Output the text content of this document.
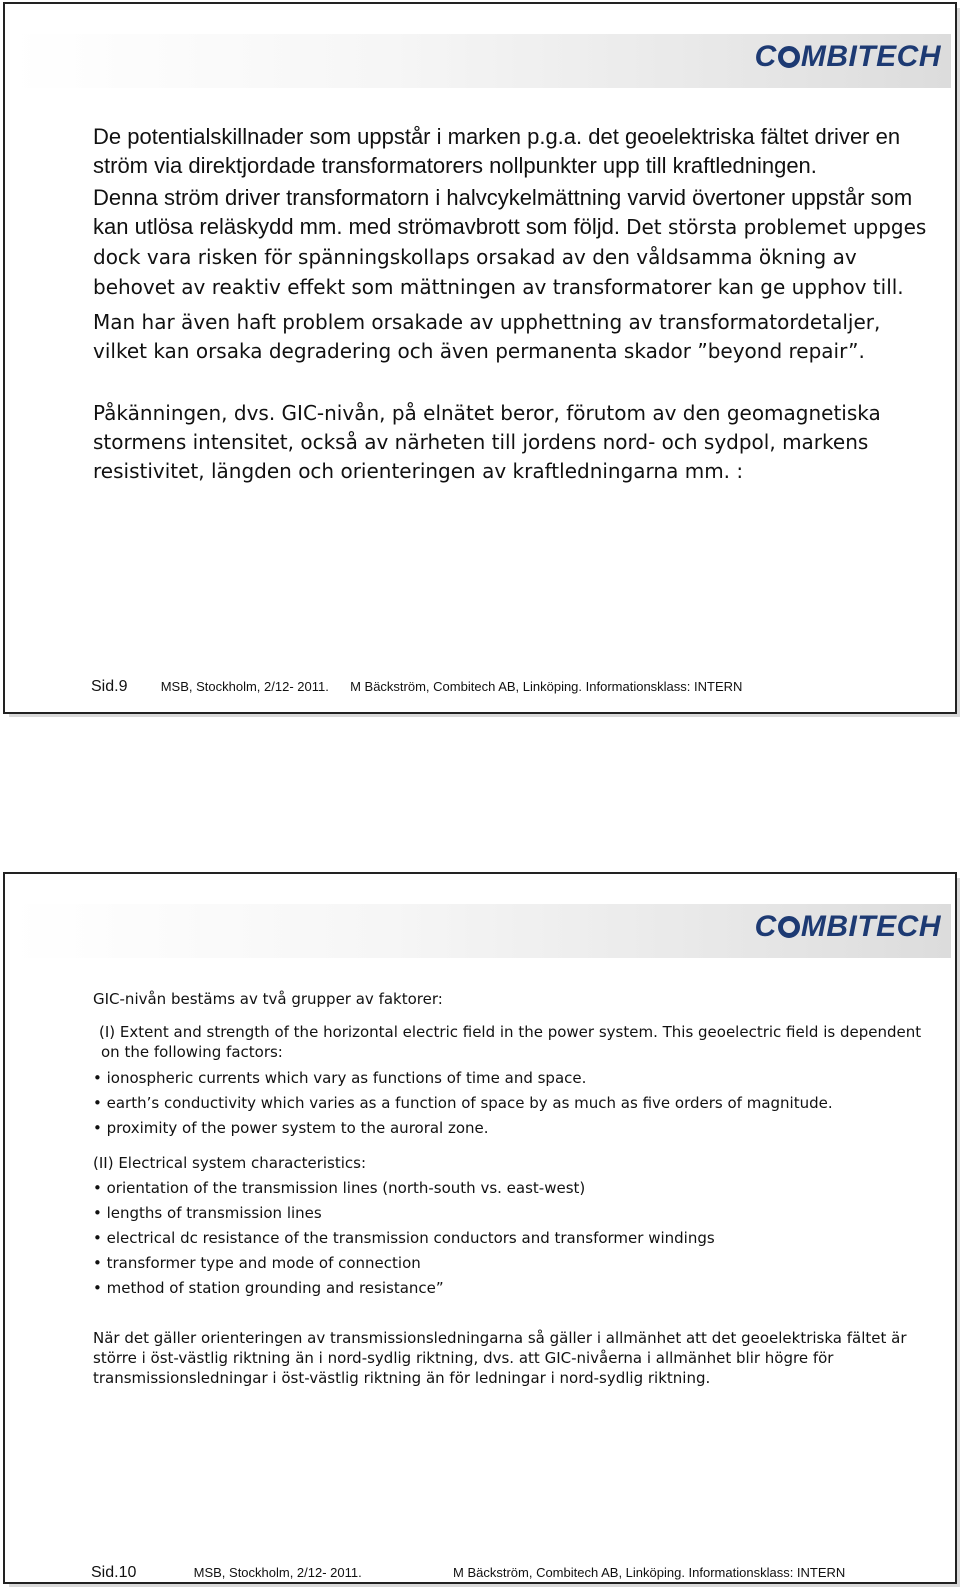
C MBITECH

De potentialskillnader som uppstår i marken p.g.a. det geoelektriska fältet driver en ström via direktjordade transformatorers nollpunkter upp till kraftledningen.

Denna ström driver transformatorn i halvcykelmättning varvid övertoner uppstår som kan utlösa reläskydd mm. med strömavbrott som följd. Det största problemet uppges dock vara risken för spänningskollaps orsakad av den våldsamma ökning av behovet av reaktiv effekt som mättningen av transformatorer kan ge upphov till.

Man har även haft problem orsakade av upphettning av transformatordetaljer, vilket kan orsaka degradering och även permanenta skador ”beyond repair”.

Påkänningen, dvs. GIC-nivån, på elnätet beror, förutom av den geomagnetiska stormens intensitet, också av närheten till jordens nord- och sydpol, markens resistivitet, längden och orienteringen av kraftledningarna mm. :

Sid.9	MSB, Stockholm, 2/12- 2011. M Bäckström, Combitech AB, Linköping. Informationsklass: INTERN
C MBITECH

GIC-nivån bestäms av två grupper av faktorer:

(I) Extent and strength of the horizontal electric field in the power system. This geoelectric field is dependent on the following factors:

• ionospheric currents which vary as functions of time and space.

• earth’s conductivity which varies as a function of space by as much as five orders of magnitude.

• proximity of the power system to the auroral zone.

(II) Electrical system characteristics:

• orientation of the transmission lines (north-south vs. east-west)

• lengths of transmission lines

• electrical dc resistance of the transmission conductors and transformer windings

• transformer type and mode of connection

• method of station grounding and resistance”

När det gäller orienteringen av transmissionsledningarna så gäller i allmänhet att det geoelektriska fältet är större i öst-västlig riktning än i nord-sydlig riktning, dvs. att GIC-nivåerna i allmänhet blir högre för transmissionsledningar i öst-västlig riktning än för ledningar i nord-sydlig riktning.

Sid.10	MSB, Stockholm, 2/12- 2011.	M Bäckström, Combitech AB, Linköping. Informationsklass: INTERN
